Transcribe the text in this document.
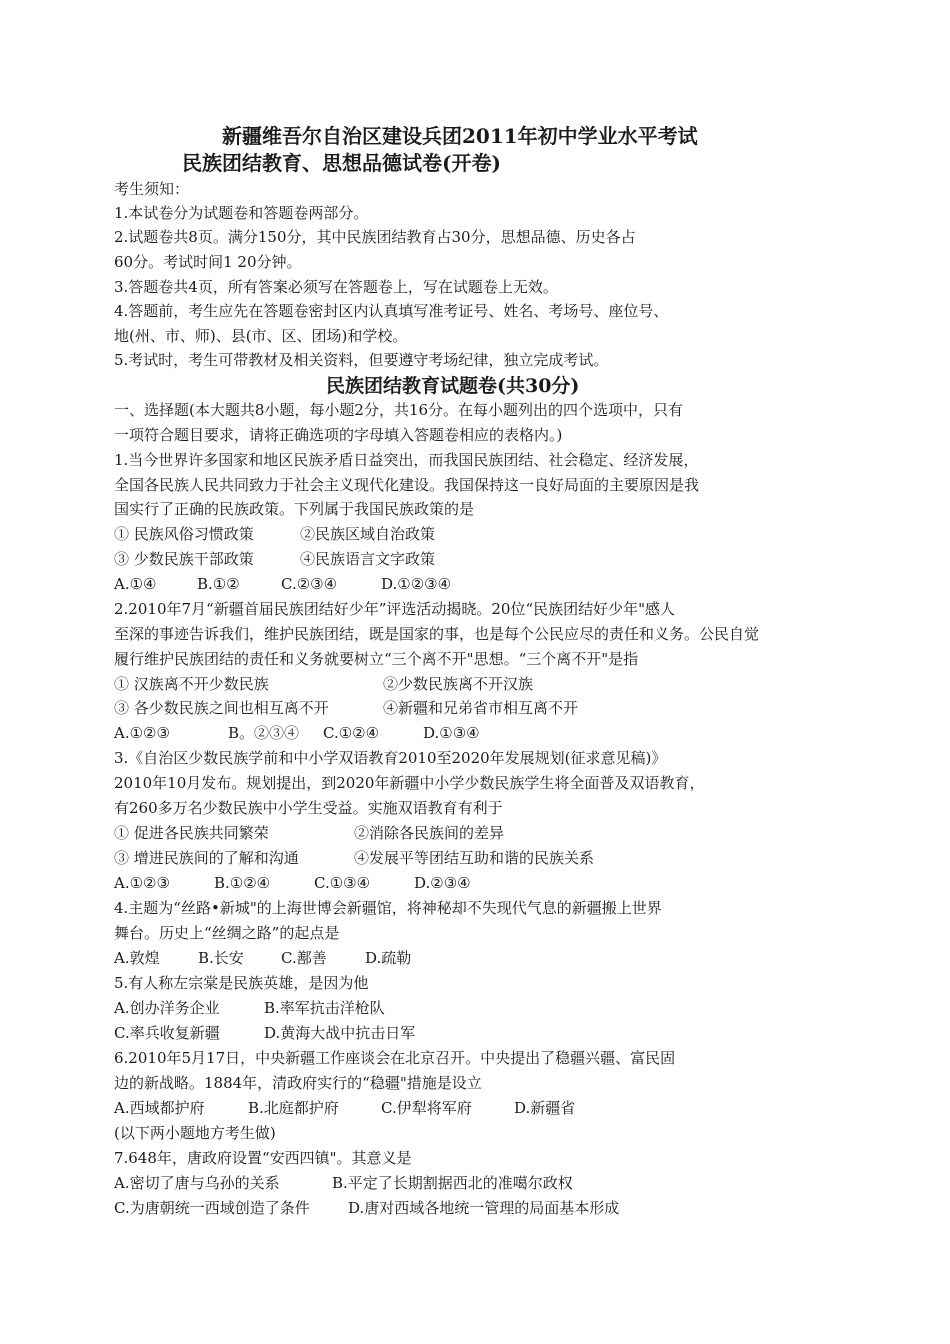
新疆维吾尔自治区建设兵团2011年初中学业水平考试
民族团结教育、思想品德试卷(开卷)
考生须知：
1.本试卷分为试题卷和答题卷两部分。
2.试题卷共8页。满分150分，其中民族团结教育占30分，思想品德、历史各占
60分。考试时间1 20分钟。
3.答题卷共4页，所有答案必须写在答题卷上，写在试题卷上无效。
4.答题前，考生应先在答题卷密封区内认真填写准考证号、姓名、考场号、座位号、
地(州、市、师)、县(市、区、团场)和学校。
5.考试时，考生可带教材及相关资料，但要遵守考场纪律，独立完成考试。
民族团结教育试题卷(共30分)
一、选择题(本大题共8小题，每小题2分，共16分。在每小题列出的四个选项中，只有
一项符合题目要求，请将正确选项的字母填入答题卷相应的表格内。)
1.当今世界许多国家和地区民族矛盾日益突出，而我国民族团结、社会稳定、经济发展，
全国各民族人民共同致力于社会主义现代化建设。我国保持这一良好局面的主要原因是我
国实行了正确的民族政策。下列属于我国民族政策的是
① 民族风俗习惯政策	②民族区域自治政策
③ 少数民族干部政策	④民族语言文字政策
A.①④	B.①②	C.②③④	D.①②③④
2.2010年7月“新疆首届民族团结好少年”评选活动揭晓。20位“民族团结好少年"感人
至深的事迹告诉我们，维护民族团结，既是国家的事，也是每个公民应尽的责任和义务。公民自觉
履行维护民族团结的责任和义务就要树立“三个离不开"思想。“三个离不开"是指
① 汉族离不开少数民族	②少数民族离不开汉族
③ 各少数民族之间也相互离不开	④新疆和兄弟省市相互离不开
A.①②③	B。②③④ C.①②④	D.①③④
3.《自治区少数民族学前和中小学双语教育2010至2020年发展规划(征求意见稿)》
2010年10月发布。规划提出，到2020年新疆中小学少数民族学生将全面普及双语教育，
有260多万名少数民族中小学生受益。实施双语教育有利于
① 促进各民族共同繁荣	②消除各民族间的差异
③ 增进民族间的了解和沟通	④发展平等团结互助和谐的民族关系
A.①②③	B.①②④	C.①③④	D.②③④
4.主题为“丝路•新城"的上海世博会新疆馆，将神秘却不失现代气息的新疆搬上世界
舞台。历史上“丝绸之路”的起点是
A.敦煌	B.长安 C.鄯善	D.疏勒
5.有人称左宗棠是民族英雄，是因为他
A.创办洋务企业	B.率军抗击洋枪队
C.率兵收复新疆	D.黄海大战中抗击日军
6.2010年5月17日，中央新疆工作座谈会在北京召开。中央提出了稳疆兴疆、富民固
边的新战略。1884年，清政府实行的“稳疆"措施是设立
A.西域都护府	B.北庭都护府	C.伊犁将军府	D.新疆省
(以下两小题地方考生做)
7.648年，唐政府设置“安西四镇"。其意义是
A.密切了唐与乌孙的关系	B.平定了长期割据西北的准噶尔政权
C.为唐朝统一西域创造了条件	D.唐对西域各地统一管理的局面基本形成
